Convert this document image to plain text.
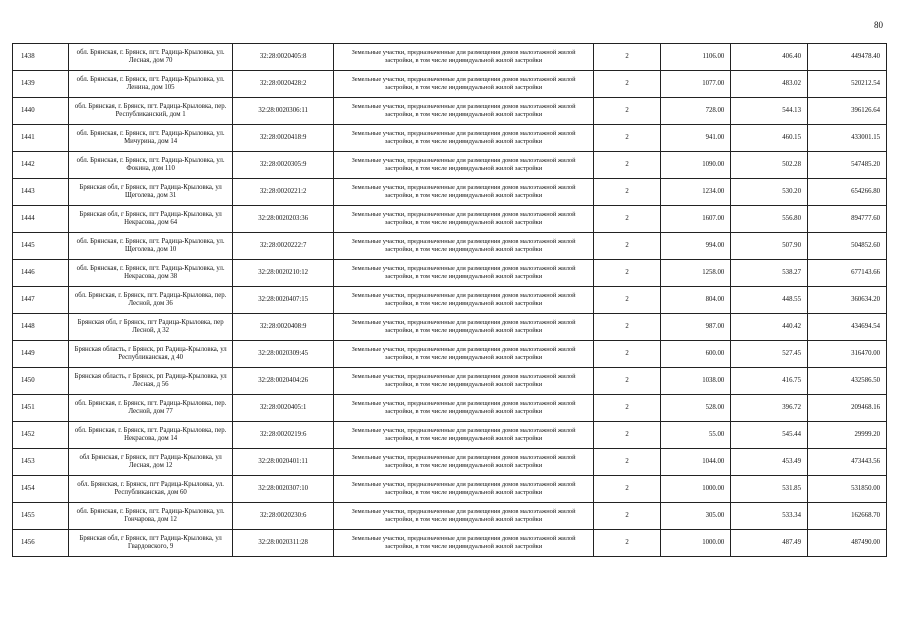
80
1438	обл. Брянская, г. Брянск, пгт. Радица-Крыловка, ул. Лесная, дом 70	32:28:0020405:8	Земельные участки, предназначенные для размещения домов малоэтажной жилой застройки, в том числе индивидуальной жилой застройки	2	1106.00	406.40	449478.40
1439	обл. Брянская, г. Брянск, пгт. Радица-Крыловка, ул. Ленина, дом 105	32:28:0020428:2	Земельные участки, предназначенные для размещения домов малоэтажной жилой застройки, в том числе индивидуальной жилой застройки	2	1077.00	483.02	520212.54
1440	обл. Брянская, г. Брянск, пгт. Радица-Крыловка, пер. Республиканский, дом 1	32:28:0020306:11	Земельные участки, предназначенные для размещения домов малоэтажной жилой застройки, в том числе индивидуальной жилой застройки	2	728.00	544.13	396126.64
1441	обл. Брянская, г. Брянск, пгт. Радица-Крыловка, ул. Мичурина, дом 14	32:28:0020418:9	Земельные участки, предназначенные для размещения домов малоэтажной жилой застройки, в том числе индивидуальной жилой застройки	2	941.00	460.15	433001.15
1442	обл. Брянская, г. Брянск, пгт. Радица-Крыловка, ул. Фокина, дом 110	32:28:0020305:9	Земельные участки, предназначенные для размещения домов малоэтажной жилой застройки, в том числе индивидуальной жилой застройки	2	1090.00	502.28	547485.20
1443	Брянская обл, г Брянск, пгт Радица-Крыловка, ул Щеголева, дом 31	32:28:0020221:2	Земельные участки, предназначенные для размещения домов малоэтажной жилой застройки, в том числе индивидуальной жилой застройки	2	1234.00	530.20	654266.80
1444	Брянская обл, г Брянск, пгт Радица-Крыловка, ул Некрасова, дом 64	32:28:0020203:36	Земельные участки, предназначенные для размещения домов малоэтажной жилой застройки, в том числе индивидуальной жилой застройки	2	1607.00	556.80	894777.60
1445	обл. Брянская, г. Брянск, пгт. Радица-Крыловка, ул. Щеголева, дом 10	32:28:0020222:7	Земельные участки, предназначенные для размещения домов малоэтажной жилой застройки, в том числе индивидуальной жилой застройки	2	994.00	507.90	504852.60
1446	обл. Брянская, г. Брянск, пгт. Радица-Крыловка, ул. Некрасова, дом 38	32:28:0020210:12	Земельные участки, предназначенные для размещения домов малоэтажной жилой застройки, в том числе индивидуальной жилой застройки	2	1258.00	538.27	677143.66
1447	обл. Брянская, г. Брянск, пгт. Радица-Крыловка, пер. Лесной, дом 36	32:28:0020407:15	Земельные участки, предназначенные для размещения домов малоэтажной жилой застройки, в том числе индивидуальной жилой застройки	2	804.00	448.55	360634.20
1448	Брянская обл, г Брянск, пгт Радица-Крыловка, пер Лесной, д 32	32:28:0020408:9	Земельные участки, предназначенные для размещения домов малоэтажной жилой застройки, в том числе индивидуальной жилой застройки	2	987.00	440.42	434694.54
1449	Брянская область, г Брянск, рп Радица-Крыловка, ул Республиканская, д 40	32:28:0020309:45	Земельные участки, предназначенные для размещения домов малоэтажной жилой застройки, в том числе индивидуальной жилой застройки	2	600.00	527.45	316470.00
1450	Брянская область, г Брянск, рп Радица-Крыловка, ул Лесная, д 56	32:28:0020404:26	Земельные участки, предназначенные для размещения домов малоэтажной жилой застройки, в том числе индивидуальной жилой застройки	2	1038.00	416.75	432586.50
1451	обл. Брянская, г. Брянск, пгт. Радица-Крыловка, пер. Лесной, дом 77	32:28:0020405:1	Земельные участки, предназначенные для размещения домов малоэтажной жилой застройки, в том числе индивидуальной жилой застройки	2	528.00	396.72	209468.16
1452	обл. Брянская, г. Брянск, пгт. Радица-Крыловка, пер. Некрасова, дом 14	32:28:0020219:6	Земельные участки, предназначенные для размещения домов малоэтажной жилой застройки, в том числе индивидуальной жилой застройки	2	55.00	545.44	29999.20
1453	обл Брянская, г Брянск, пгт Радица-Крыловка, ул Лесная, дом 12	32:28:0020401:11	Земельные участки, предназначенные для размещения домов малоэтажной жилой застройки, в том числе индивидуальной жилой застройки	2	1044.00	453.49	473443.56
1454	обл. Брянская, г. Брянск, пгт Радица-Крыловка, ул. Республиканская, дом 60	32:28:0020307:10	Земельные участки, предназначенные для размещения домов малоэтажной жилой застройки, в том числе индивидуальной жилой застройки	2	1000.00	531.85	531850.00
1455	обл. Брянская, г. Брянск, пгт. Радица-Крыловка, ул. Гончарова, дом 12	32:28:0020230:6	Земельные участки, предназначенные для размещения домов малоэтажной жилой застройки, в том числе индивидуальной жилой застройки	2	305.00	533.34	162668.70
1456	Брянская обл, г Брянск, пгт Радица-Крыловка, ул Гвардовского, 9	32:28:0020311:28	Земельные участки, предназначенные для размещения домов малоэтажной жилой застройки, в том числе индивидуальной жилой застройки	2	1000.00	487.49	487490.00
